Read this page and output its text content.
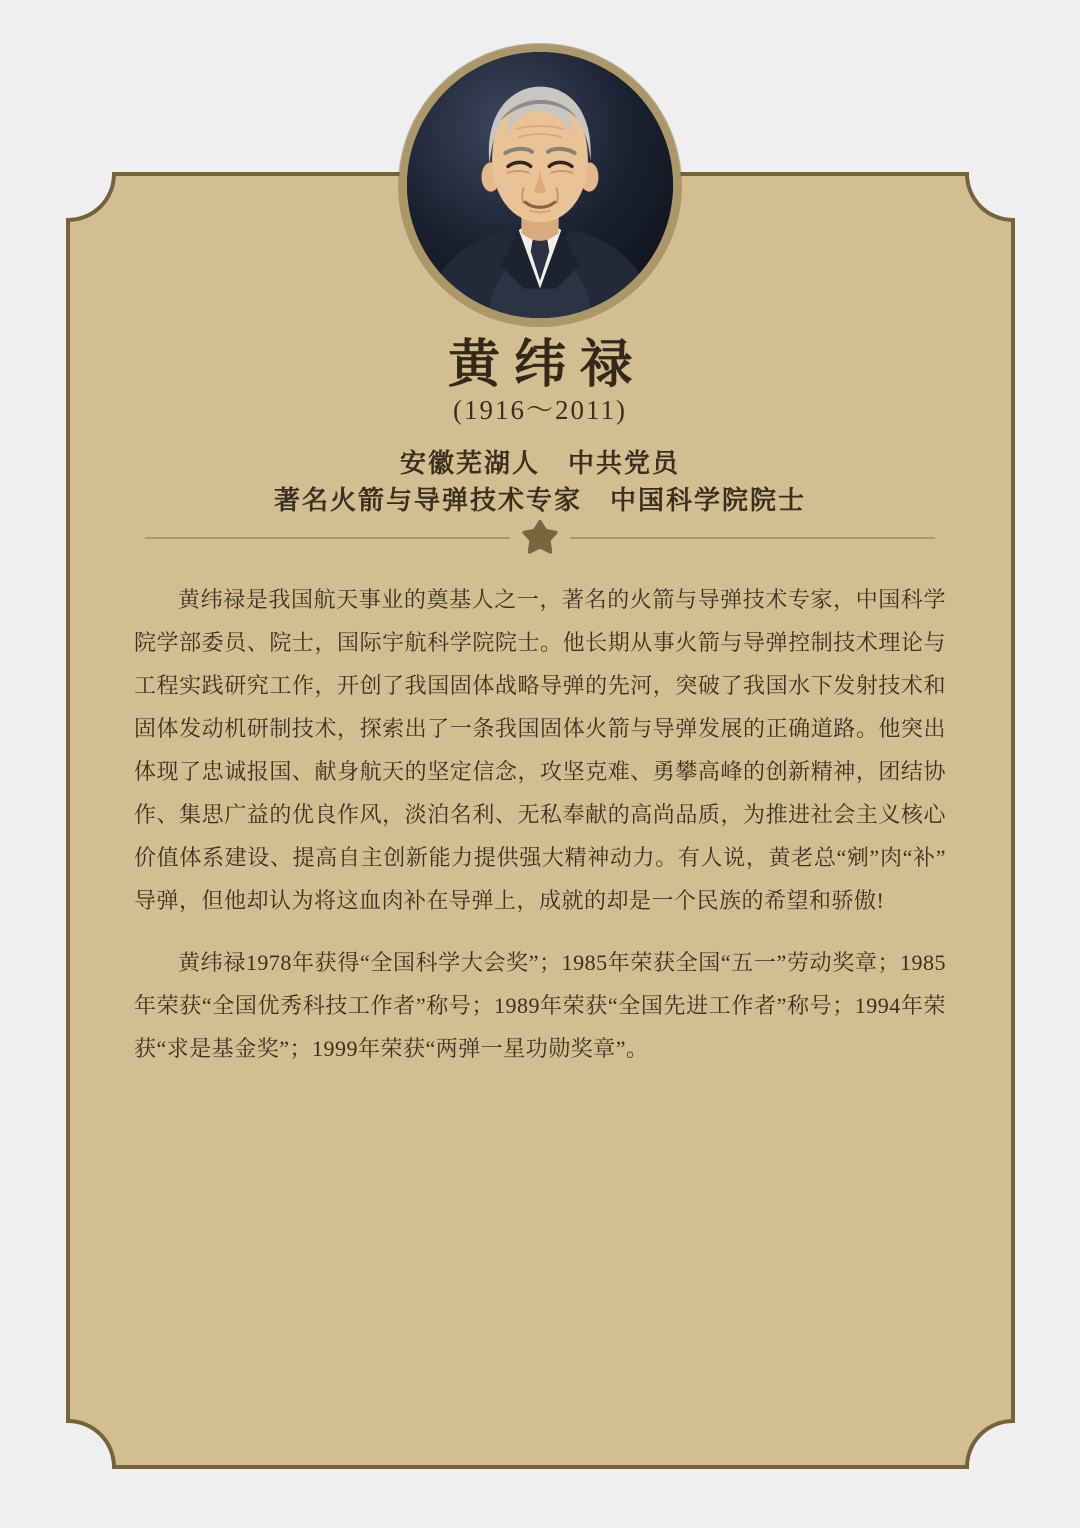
黄纬禄
(1916～2011)
安徽芜湖人　中共党员
著名火箭与导弹技术专家　中国科学院院士

黄纬禄是我国航天事业的奠基人之一，著名的火箭与导弹技术专家，中国科学院学部委员、院士，国际宇航科学院院士。他长期从事火箭与导弹控制技术理论与工程实践研究工作，开创了我国固体战略导弹的先河，突破了我国水下发射技术和固体发动机研制技术，探索出了一条我国固体火箭与导弹发展的正确道路。他突出体现了忠诚报国、献身航天的坚定信念，攻坚克难、勇攀高峰的创新精神，团结协作、集思广益的优良作风，淡泊名利、无私奉献的高尚品质，为推进社会主义核心价值体系建设、提高自主创新能力提供强大精神动力。有人说，黄老总“剜”肉“补”导弹，但他却认为将这血肉补在导弹上，成就的却是一个民族的希望和骄傲!

黄纬禄1978年获得“全国科学大会奖”；1985年荣获全国“五一”劳动奖章；1985年荣获“全国优秀科技工作者”称号；1989年荣获“全国先进工作者”称号；1994年荣获“求是基金奖”；1999年荣获“两弹一星功勋奖章”。
